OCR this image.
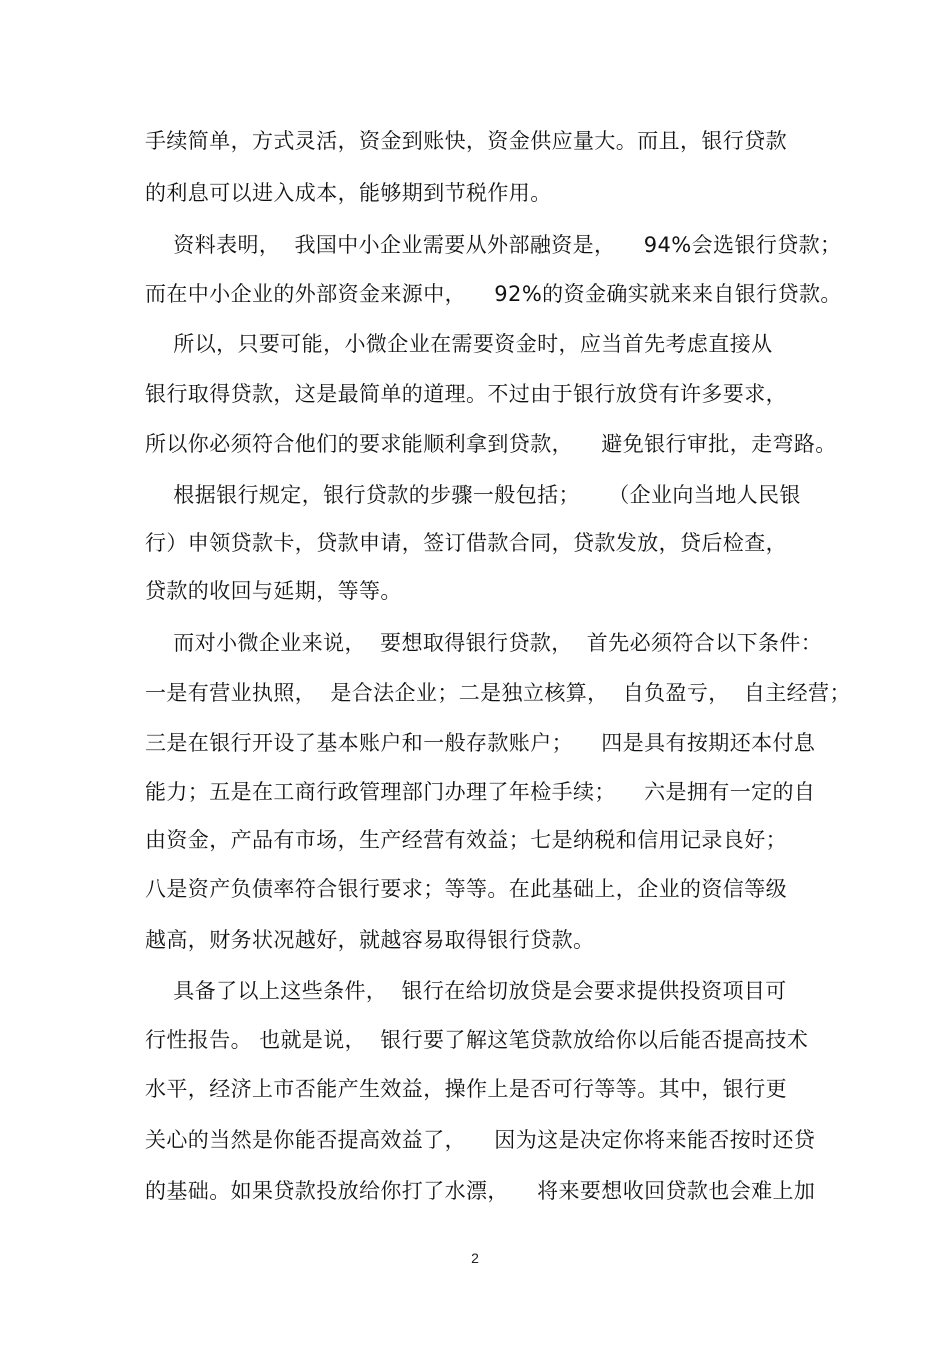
手续简单，方式灵活，资金到账快，资金供应量大。而且，银行贷款
的利息可以进入成本，能够期到节税作用。
资料表明，  我国中小企业需要从外部融资是，    94%会选银行贷款；
而在中小企业的外部资金来源中，    92%的资金确实就来来自银行贷款。
所以，只要可能，小微企业在需要资金时，应当首先考虑直接从
银行取得贷款，这是最简单的道理。不过由于银行放贷有许多要求，
所以你必须符合他们的要求能顺利拿到贷款，    避免银行审批，走弯路。
根据银行规定，银行贷款的步骤一般包括；    （企业向当地人民银
行）申领贷款卡，贷款申请，签订借款合同，贷款发放，贷后检查，
贷款的收回与延期，等等。
而对小微企业来说，  要想取得银行贷款，  首先必须符合以下条件：
一是有营业执照，  是合法企业；二是独立核算，  自负盈亏，  自主经营；
三是在银行开设了基本账户和一般存款账户；    四是具有按期还本付息
能力；五是在工商行政管理部门办理了年检手续；    六是拥有一定的自
由资金，产品有市场，生产经营有效益；七是纳税和信用记录良好；
八是资产负债率符合银行要求；等等。在此基础上，企业的资信等级
越高，财务状况越好，就越容易取得银行贷款。
具备了以上这些条件，  银行在给切放贷是会要求提供投资项目可
行性报告。 也就是说，  银行要了解这笔贷款放给你以后能否提高技术
水平，经济上市否能产生效益，操作上是否可行等等。其中，银行更
关心的当然是你能否提高效益了，    因为这是决定你将来能否按时还贷
的基础。如果贷款投放给你打了水漂，    将来要想收回贷款也会难上加
2
